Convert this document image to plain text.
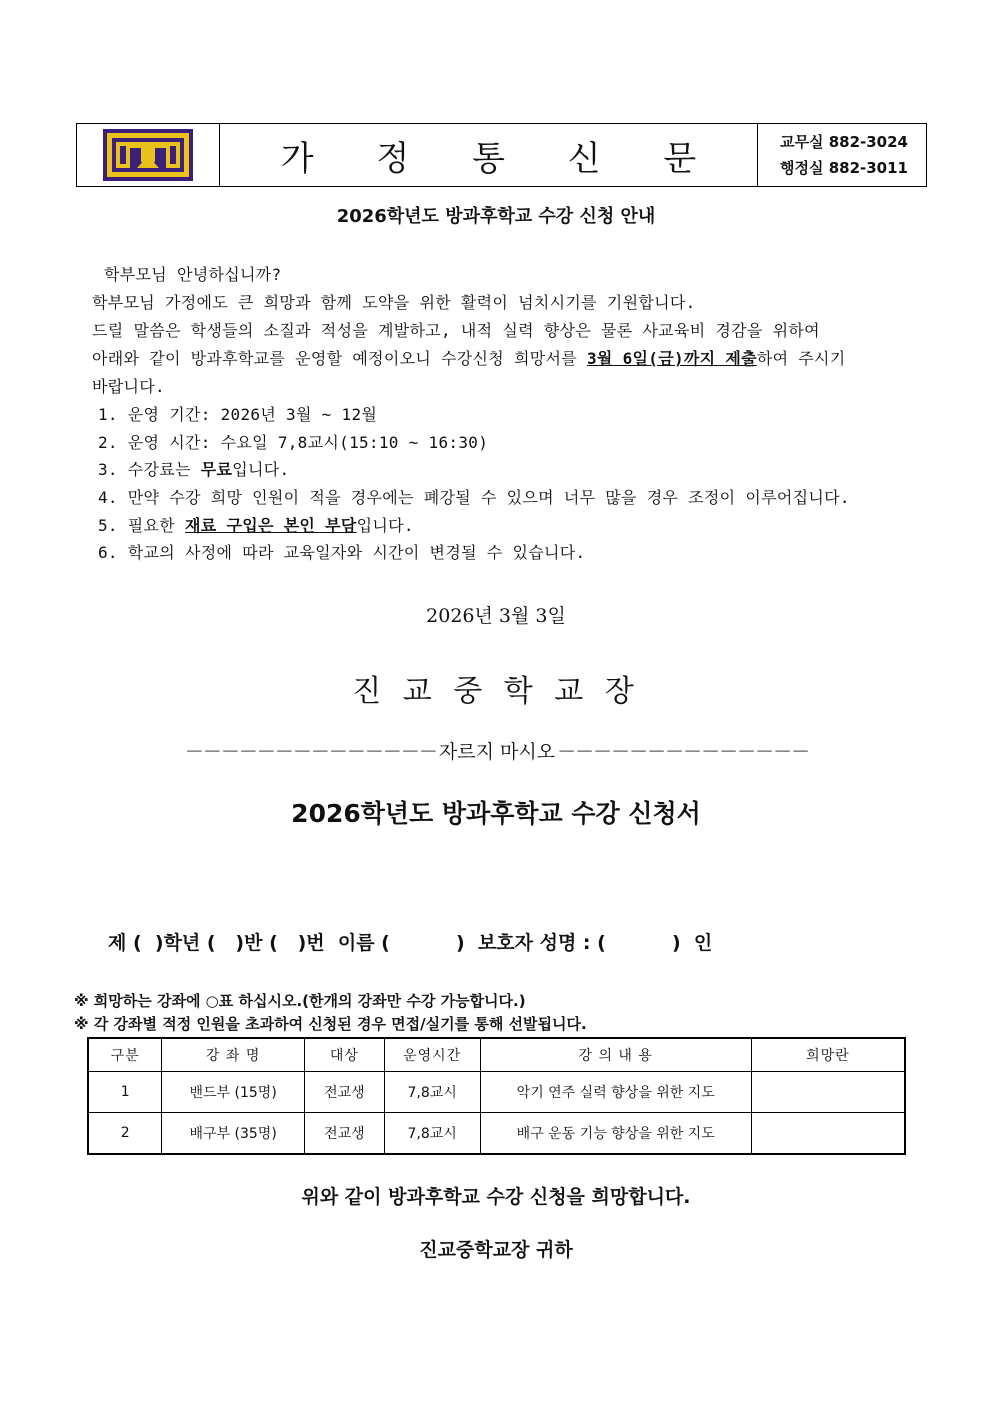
가 정 통 신 문	교무실 882-3024
행정실 882-3011
2026학년도 방과후학교 수강 신청 안내
학부모님 안녕하십니까?
학부모님 가정에도 큰 희망과 함께 도약을 위한 활력이 넘치시기를 기원합니다.
드릴 말씀은 학생들의 소질과 적성을 계발하고, 내적 실력 향상은 물론 사교육비 경감을 위하여
아래와 같이 방과후학교를 운영할 예정이오니 수강신청 희망서를 3월 6일(금)까지 제출하여 주시기
바랍니다.
1. 운영 기간: 2026년 3월 ~ 12월
2. 운영 시간: 수요일 7,8교시(15:10 ~ 16:30)
3. 수강료는 무료입니다.
4. 만약 수강 희망 인원이 적을 경우에는 폐강될 수 있으며 너무 많을 경우 조정이 이루어집니다.
5. 필요한 재료 구입은 본인 부담입니다.
6. 학교의 사정에 따라 교육일자와 시간이 변경될 수 있습니다.
2026년 3월 3일
진 교 중 학 교 장
－－－－－－－－－－－－－－ 자르지 마시오 －－－－－－－－－－－－－－
2026학년도 방과후학교 수강 신청서
제 (  )학년 (   )반 (   )번  이름 (          )  보호자 성명 : (          )  인
※ 희망하는 강좌에 ○표 하십시오.(한개의 강좌만 수강 가능합니다.)
※ 각 강좌별 적정 인원을 초과하여 신청된 경우 면접/실기를 통해 선발됩니다.
구분	강 좌 명	대상	운영시간	강 의 내 용	희망란
1	밴드부 (15명)	전교생	7,8교시	악기 연주 실력 향상을 위한 지도	
2	배구부 (35명)	전교생	7,8교시	배구 운동 기능 향상을 위한 지도	
위와 같이 방과후학교 수강 신청을 희망합니다.
진교중학교장 귀하
